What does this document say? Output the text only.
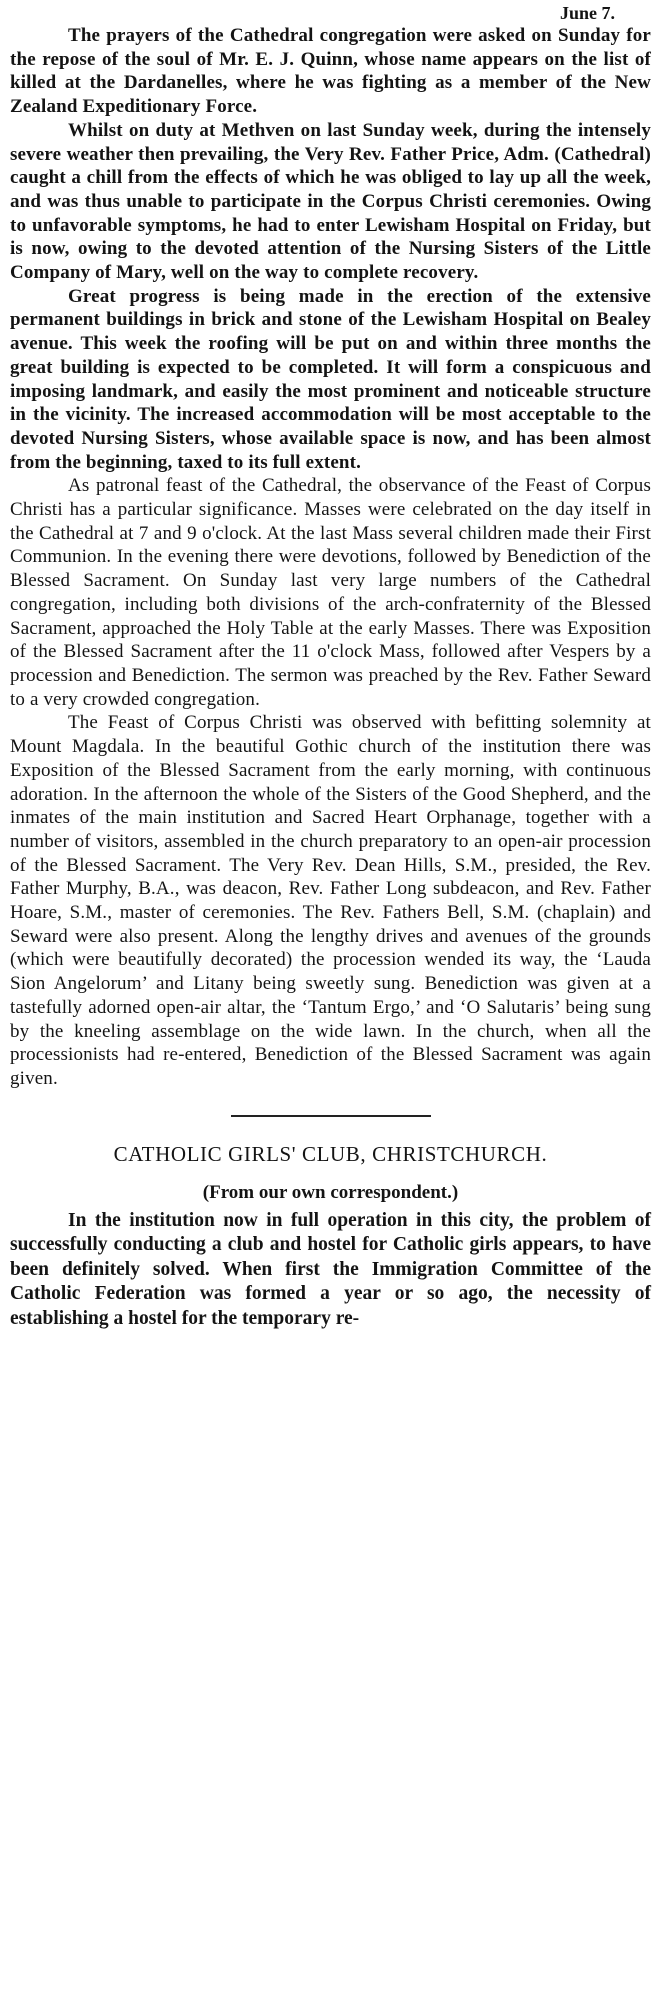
June 7.

The prayers of the Cathedral congregation were asked on Sunday for the repose of the soul of Mr. E. J. Quinn, whose name appears on the list of killed at the Dardanelles, where he was fighting as a member of the New Zealand Expeditionary Force.

Whilst on duty at Methven on last Sunday week, during the intensely severe weather then prevailing, the Very Rev. Father Price, Adm. (Cathedral) caught a chill from the effects of which he was obliged to lay up all the week, and was thus unable to participate in the Corpus Christi ceremonies. Owing to unfavorable symptoms, he had to enter Lewisham Hospital on Friday, but is now, owing to the devoted attention of the Nursing Sisters of the Little Company of Mary, well on the way to complete recovery.

Great progress is being made in the erection of the extensive permanent buildings in brick and stone of the Lewisham Hospital on Bealey avenue. This week the roofing will be put on and within three months the great building is expected to be completed. It will form a conspicuous and imposing landmark, and easily the most prominent and noticeable structure in the vicinity. The increased accommodation will be most acceptable to the devoted Nursing Sisters, whose available space is now, and has been almost from the beginning, taxed to its full extent.

As patronal feast of the Cathedral, the observance of the Feast of Corpus Christi has a particular significance. Masses were celebrated on the day itself in the Cathedral at 7 and 9 o'clock. At the last Mass several children made their First Communion. In the evening there were devotions, followed by Benediction of the Blessed Sacrament. On Sunday last very large numbers of the Cathedral congregation, including both divisions of the arch-confraternity of the Blessed Sacrament, approached the Holy Table at the early Masses. There was Exposition of the Blessed Sacrament after the 11 o'clock Mass, followed after Vespers by a procession and Benediction. The sermon was preached by the Rev. Father Seward to a very crowded congregation.

The Feast of Corpus Christi was observed with befitting solemnity at Mount Magdala. In the beautiful Gothic church of the institution there was Exposition of the Blessed Sacrament from the early morning, with continuous adoration. In the afternoon the whole of the Sisters of the Good Shepherd, and the inmates of the main institution and Sacred Heart Orphanage, together with a number of visitors, assembled in the church preparatory to an open-air procession of the Blessed Sacrament. The Very Rev. Dean Hills, S.M., presided, the Rev. Father Murphy, B.A., was deacon, Rev. Father Long subdeacon, and Rev. Father Hoare, S.M., master of ceremonies. The Rev. Fathers Bell, S.M. (chaplain) and Seward were also present. Along the lengthy drives and avenues of the grounds (which were beautifully decorated) the procession wended its way, the ‘Lauda Sion Angelorum’ and Litany being sweetly sung. Benediction was given at a tastefully adorned open-air altar, the ‘Tantum Ergo,’ and ‘O Salutaris’ being sung by the kneeling assemblage on the wide lawn. In the church, when all the processionists had re-entered, Benediction of the Blessed Sacrament was again given.

CATHOLIC GIRLS' CLUB, CHRISTCHURCH.
(From our own correspondent.)

In the institution now in full operation in this city, the problem of successfully conducting a club and hostel for Catholic girls appears, to have been definitely solved. When first the Immigration Committee of the Catholic Federation was formed a year or so ago, the necessity of establishing a hostel for the temporary re-
